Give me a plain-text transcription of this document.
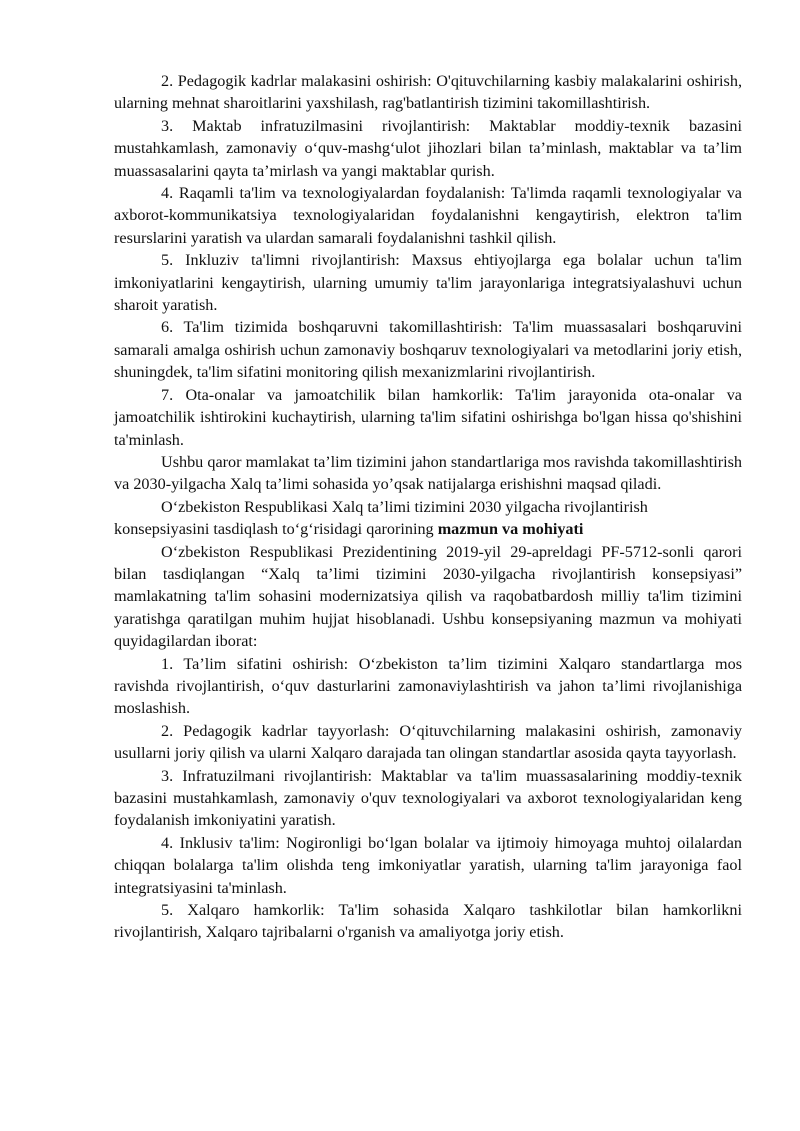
2. Pedagogik kadrlar malakasini oshirish: O'qituvchilarning kasbiy malakalarini oshirish, ularning mehnat sharoitlarini yaxshilash, rag'batlantirish tizimini takomillashtirish.

3. Maktab infratuzilmasini rivojlantirish: Maktablar moddiy-texnik bazasini mustahkamlash, zamonaviy o‘quv-mashg‘ulot jihozlari bilan ta’minlash, maktablar va ta’lim muassasalarini qayta ta’mirlash va yangi maktablar qurish.

4. Raqamli ta'lim va texnologiyalardan foydalanish: Ta'limda raqamli texnologiyalar va axborot-kommunikatsiya texnologiyalaridan foydalanishni kengaytirish, elektron ta'lim resurslarini yaratish va ulardan samarali foydalanishni tashkil qilish.

5. Inkluziv ta'limni rivojlantirish: Maxsus ehtiyojlarga ega bolalar uchun ta'lim imkoniyatlarini kengaytirish, ularning umumiy ta'lim jarayonlariga integratsiyalashuvi uchun sharoit yaratish.

6. Ta'lim tizimida boshqaruvni takomillashtirish: Ta'lim muassasalari boshqaruvini samarali amalga oshirish uchun zamonaviy boshqaruv texnologiyalari va metodlarini joriy etish, shuningdek, ta'lim sifatini monitoring qilish mexanizmlarini rivojlantirish.

7. Ota-onalar va jamoatchilik bilan hamkorlik: Ta'lim jarayonida ota-onalar va jamoatchilik ishtirokini kuchaytirish, ularning ta'lim sifatini oshirishga bo'lgan hissa qo'shishini ta'minlash.

Ushbu qaror mamlakat ta’lim tizimini jahon standartlariga mos ravishda takomillashtirish va 2030-yilgacha Xalq ta’limi sohasida yo’qsak natijalarga erishishni maqsad qiladi.

O‘zbekiston Respublikasi Xalq ta’limi tizimini 2030 yilgacha rivojlantirish konsepsiyasini tasdiqlash to‘g‘risidagi qarorining mazmun va mohiyati

O‘zbekiston Respublikasi Prezidentining 2019-yil 29-apreldagi PF-5712-sonli qarori bilan tasdiqlangan “Xalq ta’limi tizimini 2030-yilgacha rivojlantirish konsepsiyasi” mamlakatning ta'lim sohasini modernizatsiya qilish va raqobatbardosh milliy ta'lim tizimini yaratishga qaratilgan muhim hujjat hisoblanadi. Ushbu konsepsiyaning mazmun va mohiyati quyidagilardan iborat:

1. Ta’lim sifatini oshirish: O‘zbekiston ta’lim tizimini Xalqaro standartlarga mos ravishda rivojlantirish, o‘quv dasturlarini zamonaviylashtirish va jahon ta’limi rivojlanishiga moslashish.

2. Pedagogik kadrlar tayyorlash: O‘qituvchilarning malakasini oshirish, zamonaviy usullarni joriy qilish va ularni Xalqaro darajada tan olingan standartlar asosida qayta tayyorlash.

3. Infratuzilmani rivojlantirish: Maktablar va ta'lim muassasalarining moddiy-texnik bazasini mustahkamlash, zamonaviy o'quv texnologiyalari va axborot texnologiyalaridan keng foydalanish imkoniyatini yaratish.

4. Inklusiv ta'lim: Nogironligi bo‘lgan bolalar va ijtimoiy himoyaga muhtoj oilalardan chiqqan bolalarga ta'lim olishda teng imkoniyatlar yaratish, ularning ta'lim jarayoniga faol integratsiyasini ta'minlash.

5. Xalqaro hamkorlik: Ta'lim sohasida Xalqaro tashkilotlar bilan hamkorlikni rivojlantirish, Xalqaro tajribalarni o'rganish va amaliyotga joriy etish.
